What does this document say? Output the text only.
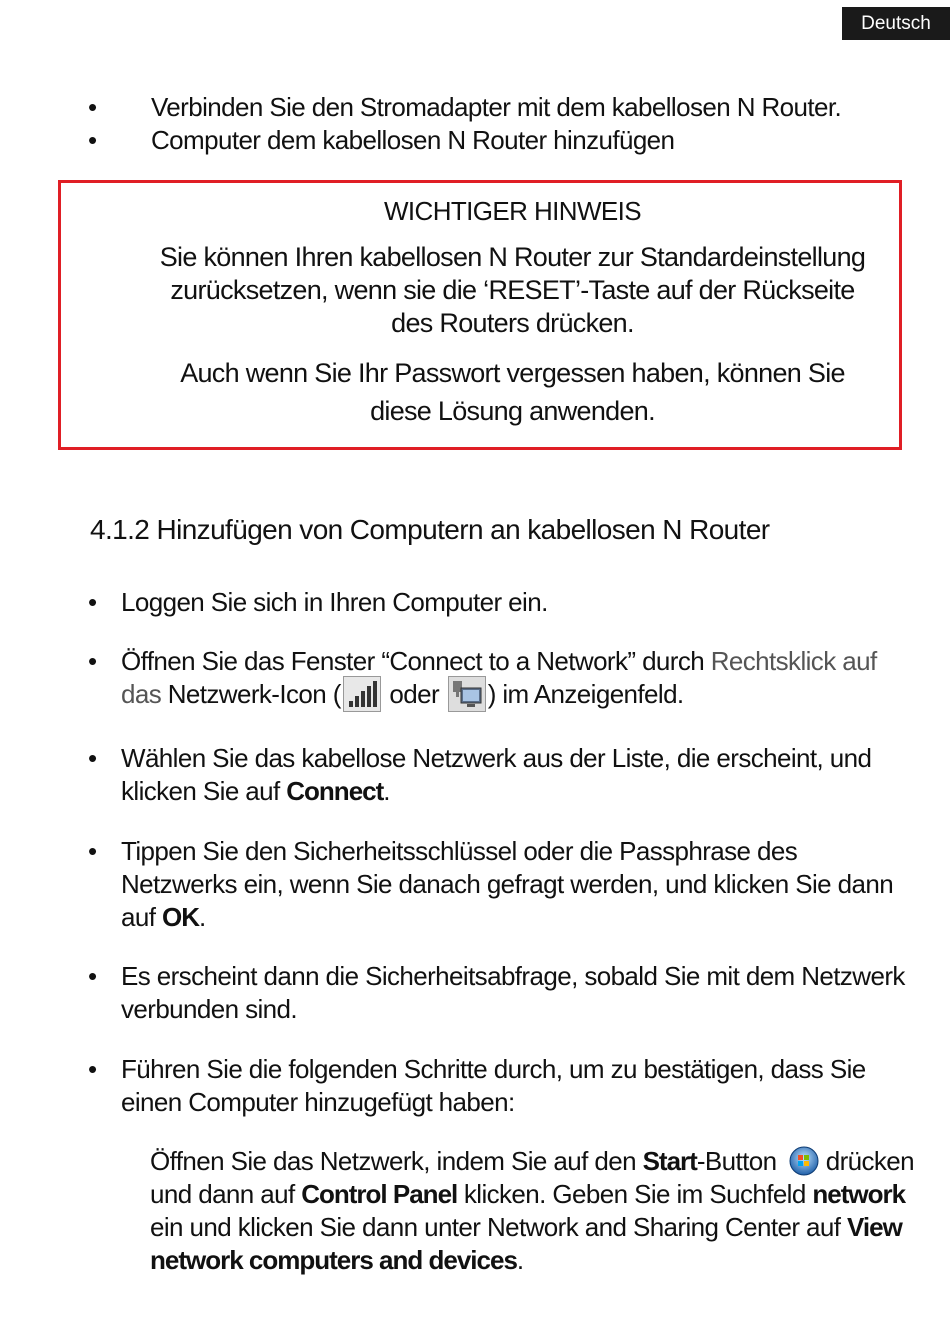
Deutsch
• Verbinden Sie den Stromadapter mit dem kabellosen N Router.
• Computer dem kabellosen N Router hinzufügen
WICHTIGER HINWEIS
Sie können Ihren kabellosen N Router zur Standardeinstellung zurücksetzen, wenn sie die ‘RESET’-Taste auf der Rückseite des Routers drücken.
Auch wenn Sie Ihr Passwort vergessen haben, können Sie diese Lösung anwenden.
4.1.2 Hinzufügen von Computern an kabellosen N Router
• Loggen Sie sich in Ihren Computer ein.
• Öffnen Sie das Fenster “Connect to a Network” durch Rechtsklick auf das Netzwerk-Icon ( oder ) im Anzeigenfeld.
• Wählen Sie das kabellose Netzwerk aus der Liste, die erscheint, und klicken Sie auf Connect.
• Tippen Sie den Sicherheitsschlüssel oder die Passphrase des Netzwerks ein, wenn Sie danach gefragt werden, und klicken Sie dann auf OK.
• Es erscheint dann die Sicherheitsabfrage, sobald Sie mit dem Netzwerk verbunden sind.
• Führen Sie die folgenden Schritte durch, um zu bestätigen, dass Sie einen Computer hinzugefügt haben:
Öffnen Sie das Netzwerk, indem Sie auf den Start-Button  drücken und dann auf Control Panel klicken. Geben Sie im Suchfeld network ein und klicken Sie dann unter Network and Sharing Center auf View network computers and devices.
